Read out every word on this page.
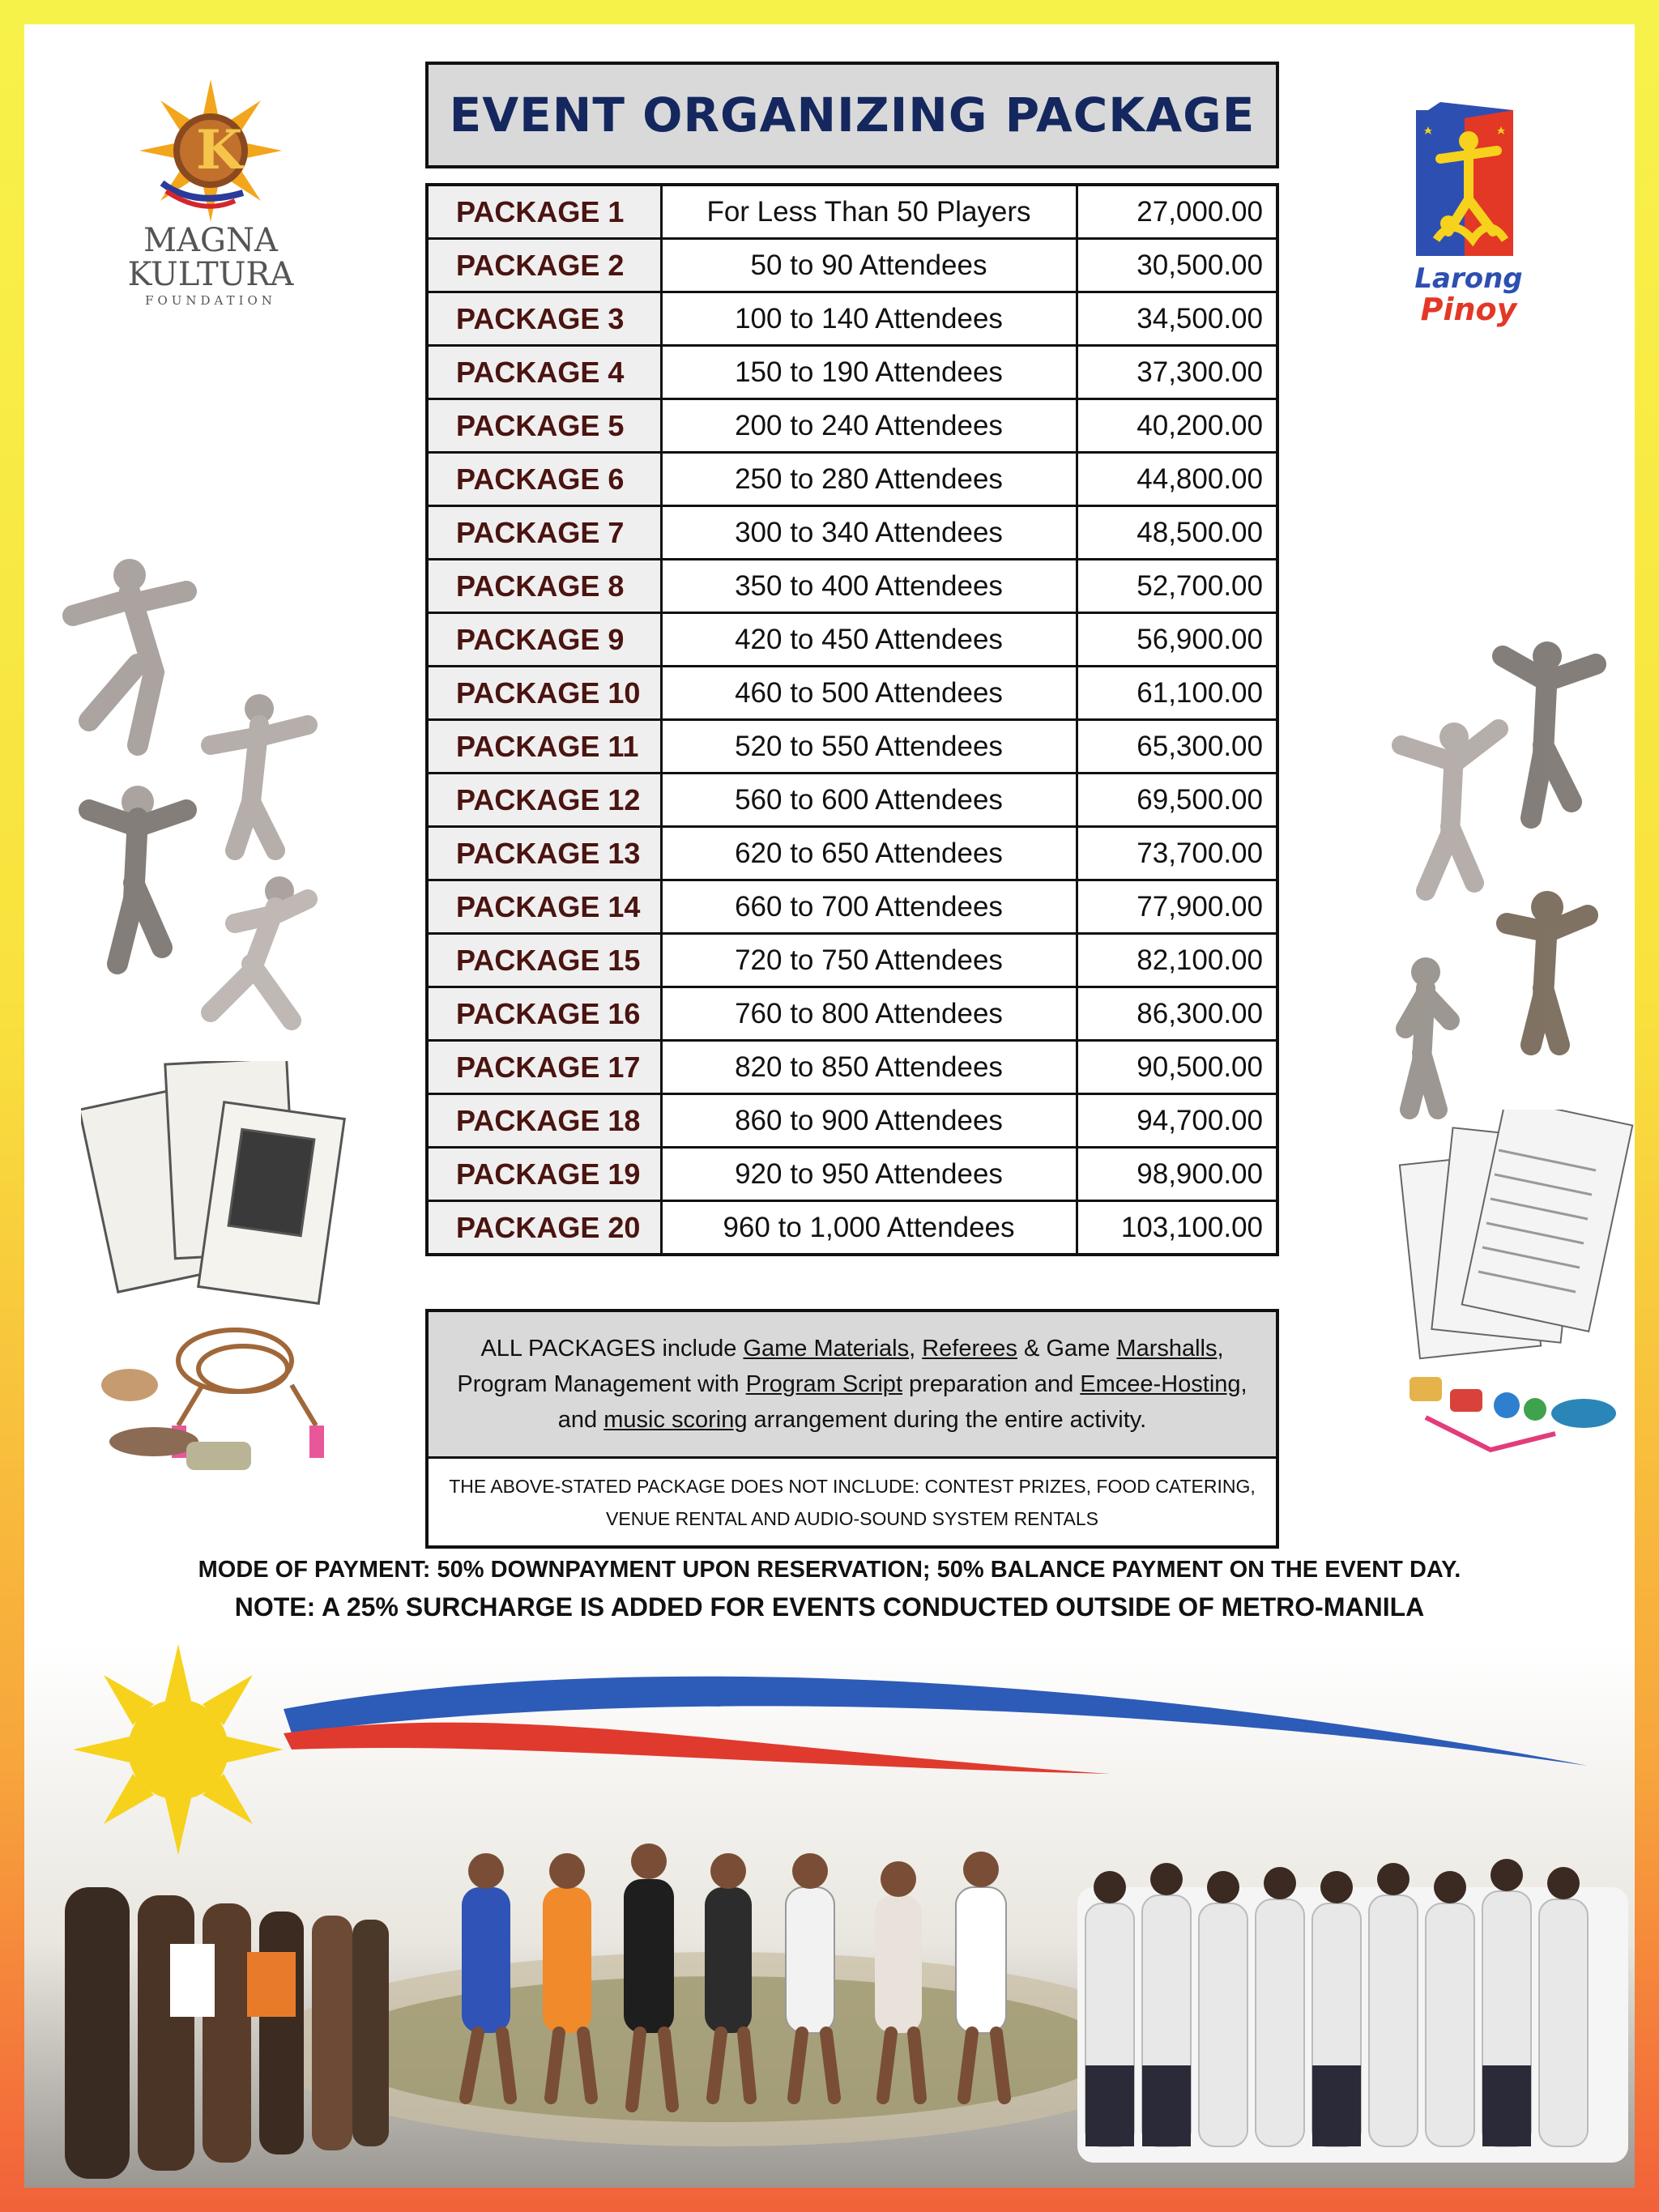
K
MAGNA
KULTURA
FOUNDATION
Larong
Pinoy
EVENT ORGANIZING PACKAGE
PACKAGE 1	For Less Than 50 Players	27,000.00
PACKAGE 2	50 to 90 Attendees	30,500.00
PACKAGE 3	100 to 140 Attendees	34,500.00
PACKAGE 4	150 to 190 Attendees	37,300.00
PACKAGE 5	200 to 240 Attendees	40,200.00
PACKAGE 6	250 to 280 Attendees	44,800.00
PACKAGE 7	300 to 340 Attendees	48,500.00
PACKAGE 8	350 to 400 Attendees	52,700.00
PACKAGE 9	420 to 450 Attendees	56,900.00
PACKAGE 10	460 to 500 Attendees	61,100.00
PACKAGE 11	520 to 550 Attendees	65,300.00
PACKAGE 12	560 to 600 Attendees	69,500.00
PACKAGE 13	620 to 650 Attendees	73,700.00
PACKAGE 14	660 to 700 Attendees	77,900.00
PACKAGE 15	720 to 750 Attendees	82,100.00
PACKAGE 16	760 to 800 Attendees	86,300.00
PACKAGE 17	820 to 850 Attendees	90,500.00
PACKAGE 18	860 to 900 Attendees	94,700.00
PACKAGE 19	920 to 950 Attendees	98,900.00
PACKAGE 20	960 to 1,000 Attendees	103,100.00
ALL PACKAGES include Game Materials, Referees & Game Marshalls, Program Management with Program Script preparation and Emcee-Hosting, and music scoring arrangement during the entire activity.
THE ABOVE-STATED PACKAGE DOES NOT INCLUDE: CONTEST PRIZES, FOOD CATERING, VENUE RENTAL AND AUDIO-SOUND SYSTEM RENTALS
MODE OF PAYMENT: 50% DOWNPAYMENT UPON RESERVATION; 50% BALANCE PAYMENT ON THE EVENT DAY.
NOTE: A 25% SURCHARGE IS ADDED FOR EVENTS CONDUCTED OUTSIDE OF METRO-MANILA
